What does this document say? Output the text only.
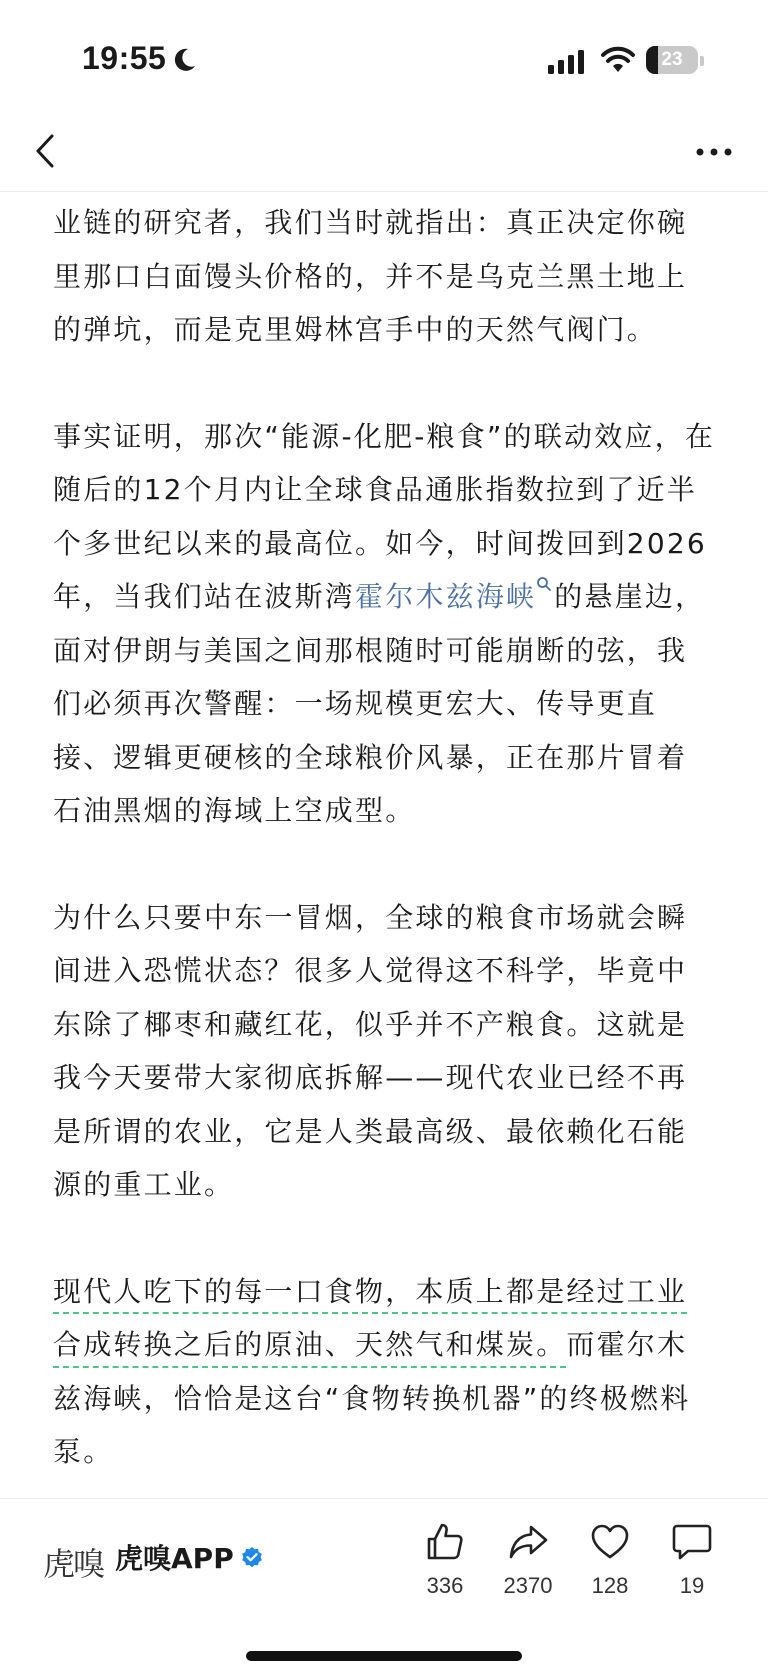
19:55	23

业链的研究者，我们当时就指出：真正决定你碗里那口白面馒头价格的，并不是乌克兰黑土地上的弹坑，而是克里姆林宫手中的天然气阀门。

事实证明，那次“能源-化肥-粮食”的联动效应，在随后的12个月内让全球食品通胀指数拉到了近半个多世纪以来的最高位。如今，时间拨回到2026年，当我们站在波斯湾霍尔木兹海峡 的悬崖边，面对伊朗与美国之间那根随时可能崩断的弦，我们必须再次警醒：一场规模更宏大、传导更直接、逻辑更硬核的全球粮价风暴，正在那片冒着石油黑烟的海域上空成型。

为什么只要中东一冒烟，全球的粮食市场就会瞬间进入恐慌状态？很多人觉得这不科学，毕竟中东除了椰枣和藏红花，似乎并不产粮食。这就是我今天要带大家彻底拆解——现代农业已经不再是所谓的农业，它是人类最高级、最依赖化石能源的重工业。

现代人吃下的每一口食物，本质上都是经过工业合成转换之后的原油、天然气和煤炭。而霍尔木兹海峡，恰恰是这台“食物转换机器”的终极燃料泵。

虎嗅 虎嗅APP
336	2370	128	19
